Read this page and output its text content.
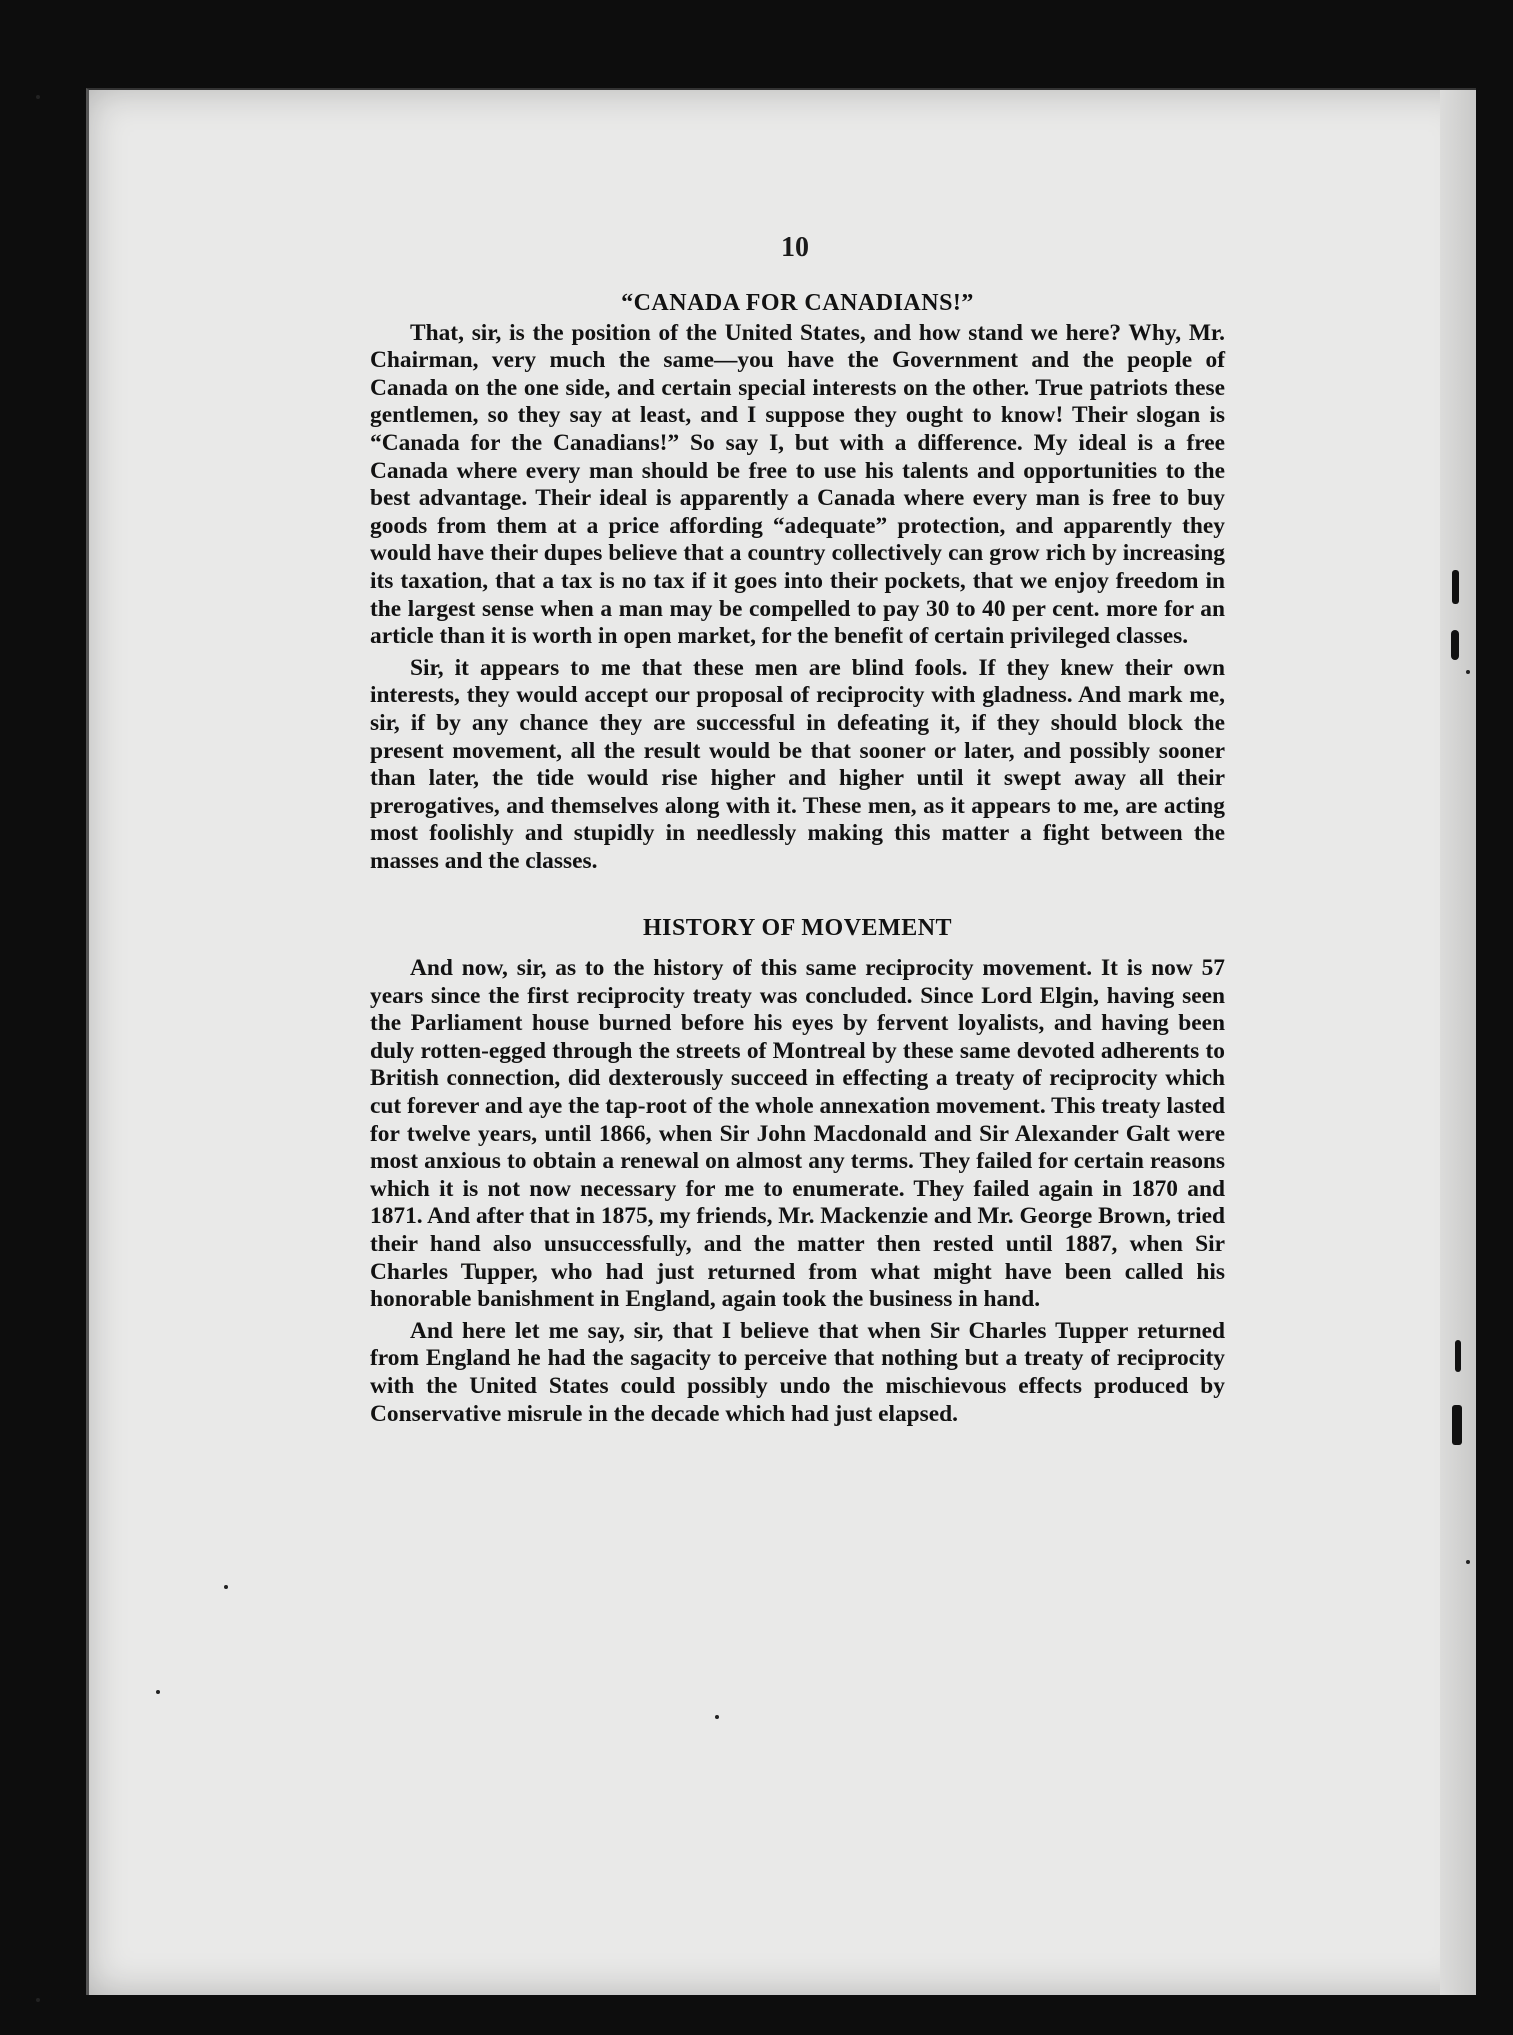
10
“CANADA FOR CANADIANS!”

That, sir, is the position of the United States, and how stand we here? Why, Mr. Chairman, very much the same—you have the Government and the people of Canada on the one side, and certain special interests on the other. True patriots these gentlemen, so they say at least, and I suppose they ought to know! Their slogan is “Canada for the Canadians!” So say I, but with a difference. My ideal is a free Canada where every man should be free to use his talents and opportunities to the best advantage. Their ideal is apparently a Canada where every man is free to buy goods from them at a price affording “adequate” protection, and apparently they would have their dupes believe that a country collectively can grow rich by increasing its taxation, that a tax is no tax if it goes into their pockets, that we enjoy freedom in the largest sense when a man may be compelled to pay 30 to 40 per cent. more for an article than it is worth in open market, for the benefit of certain privileged classes.

Sir, it appears to me that these men are blind fools. If they knew their own interests, they would accept our proposal of reciprocity with gladness. And mark me, sir, if by any chance they are successful in defeating it, if they should block the present movement, all the result would be that sooner or later, and possibly sooner than later, the tide would rise higher and higher until it swept away all their prerogatives, and themselves along with it. These men, as it appears to me, are acting most foolishly and stupidly in needlessly making this matter a fight between the masses and the classes.

HISTORY OF MOVEMENT

And now, sir, as to the history of this same reciprocity movement. It is now 57 years since the first reciprocity treaty was concluded. Since Lord Elgin, having seen the Parliament house burned before his eyes by fervent loyalists, and having been duly rotten-egged through the streets of Montreal by these same devoted adherents to British connection, did dexterously succeed in effecting a treaty of reciprocity which cut forever and aye the tap-root of the whole annexation movement. This treaty lasted for twelve years, until 1866, when Sir John Macdonald and Sir Alexander Galt were most anxious to obtain a renewal on almost any terms. They failed for certain reasons which it is not now necessary for me to enumerate. They failed again in 1870 and 1871. And after that in 1875, my friends, Mr. Mackenzie and Mr. George Brown, tried their hand also unsuccessfully, and the matter then rested until 1887, when Sir Charles Tupper, who had just returned from what might have been called his honorable banishment in England, again took the business in hand.

And here let me say, sir, that I believe that when Sir Charles Tupper returned from England he had the sagacity to perceive that nothing but a treaty of reciprocity with the United States could possibly undo the mischievous effects produced by Conservative misrule in the decade which had just elapsed.
